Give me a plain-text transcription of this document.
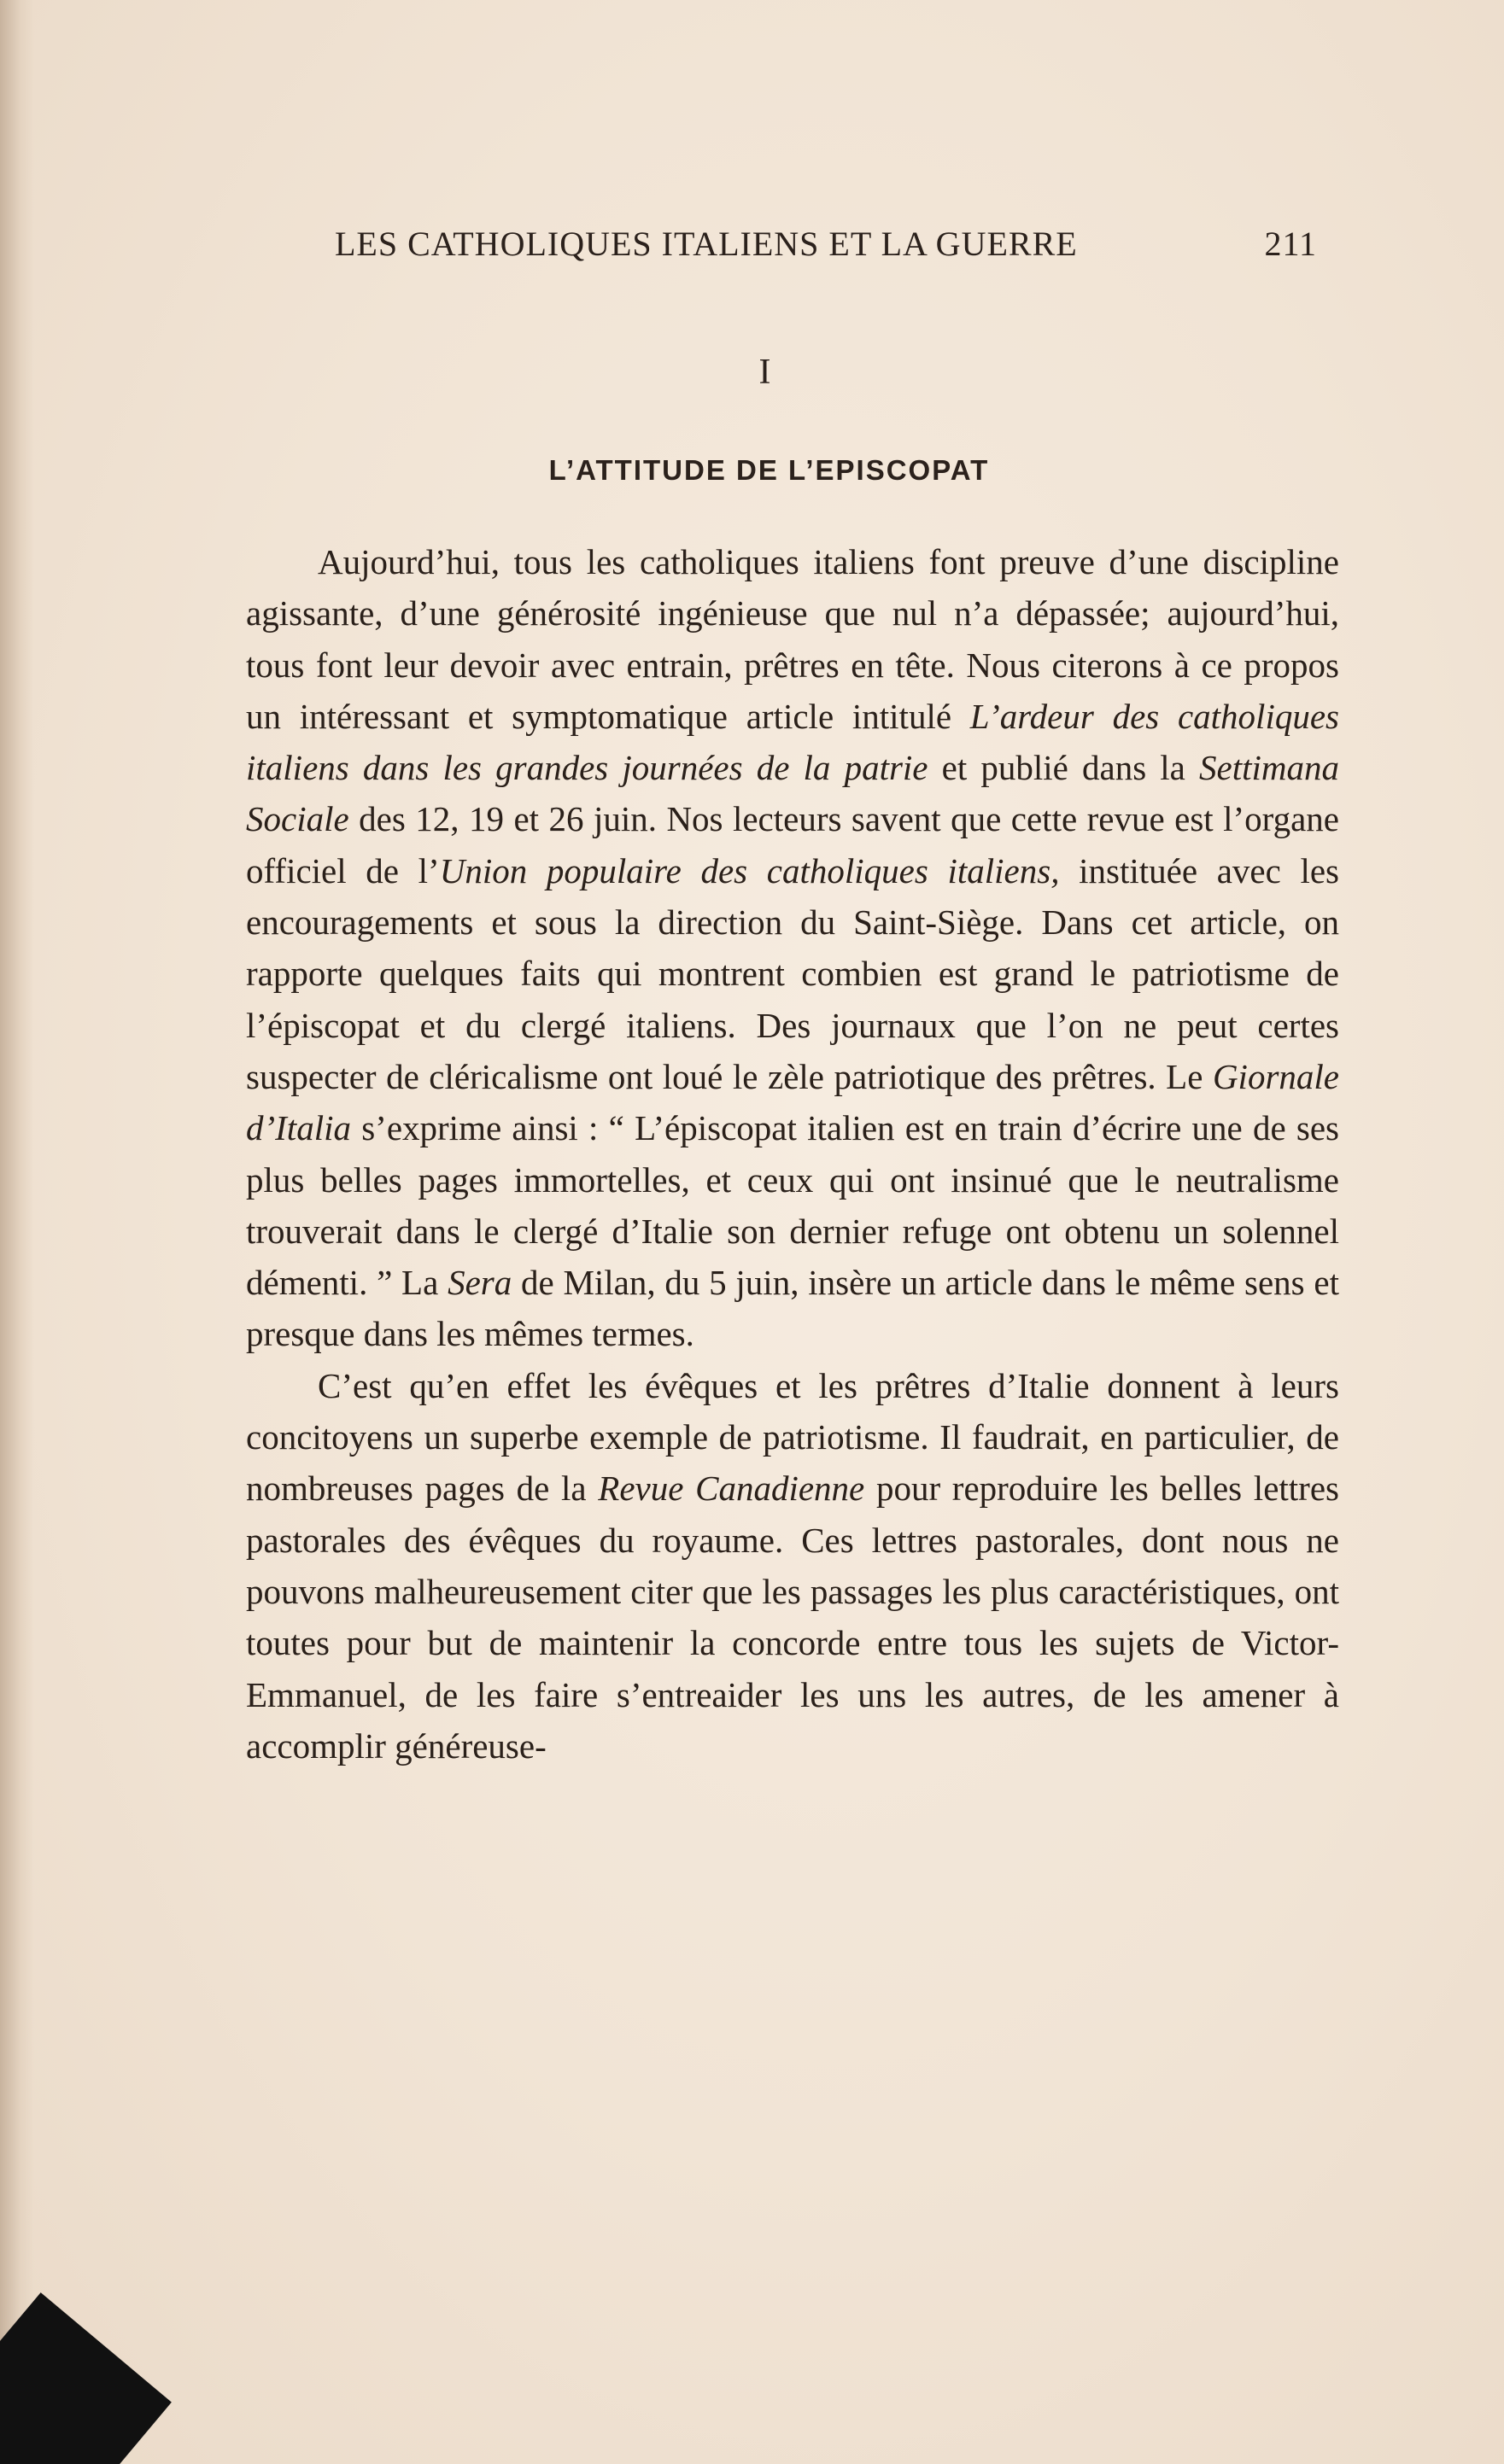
LES CATHOLIQUES ITALIENS ET LA GUERRE	211
I
L’ATTITUDE DE L’EPISCOPAT

Aujourd’hui, tous les catholiques italiens font preuve d’une discipline agissante, d’une générosité ingénieuse que nul n’a dépassée; aujourd’hui, tous font leur devoir avec entrain, prêtres en tête. Nous citerons à ce propos un intéressant et symptomatique article intitulé L’ardeur des catholiques italiens dans les grandes journées de la patrie et publié dans la Settimana Sociale des 12, 19 et 26 juin. Nos lecteurs savent que cette revue est l’organe officiel de l’Union populaire des catholiques italiens, instituée avec les encouragements et sous la direction du Saint-Siège. Dans cet article, on rapporte quelques faits qui montrent combien est grand le patriotisme de l’épiscopat et du clergé italiens. Des journaux que l’on ne peut certes suspecter de cléricalisme ont loué le zèle patriotique des prêtres. Le Giornale d’Italia s’exprime ainsi : “ L’épiscopat italien est en train d’écrire une de ses plus belles pages immortelles, et ceux qui ont insinué que le neutralisme trouverait dans le clergé d’Italie son dernier refuge ont obtenu un solennel démenti. ” La Sera de Milan, du 5 juin, insère un article dans le même sens et presque dans les mêmes termes.

C’est qu’en effet les évêques et les prêtres d’Italie donnent à leurs concitoyens un superbe exemple de patriotisme. Il faudrait, en particulier, de nombreuses pages de la Revue Canadienne pour reproduire les belles lettres pastorales des évêques du royaume. Ces lettres pastorales, dont nous ne pouvons malheureusement citer que les passages les plus caractéristiques, ont toutes pour but de maintenir la concorde entre tous les sujets de Victor-Emmanuel, de les faire s’entreaider les uns les autres, de les amener à accomplir généreuse-
